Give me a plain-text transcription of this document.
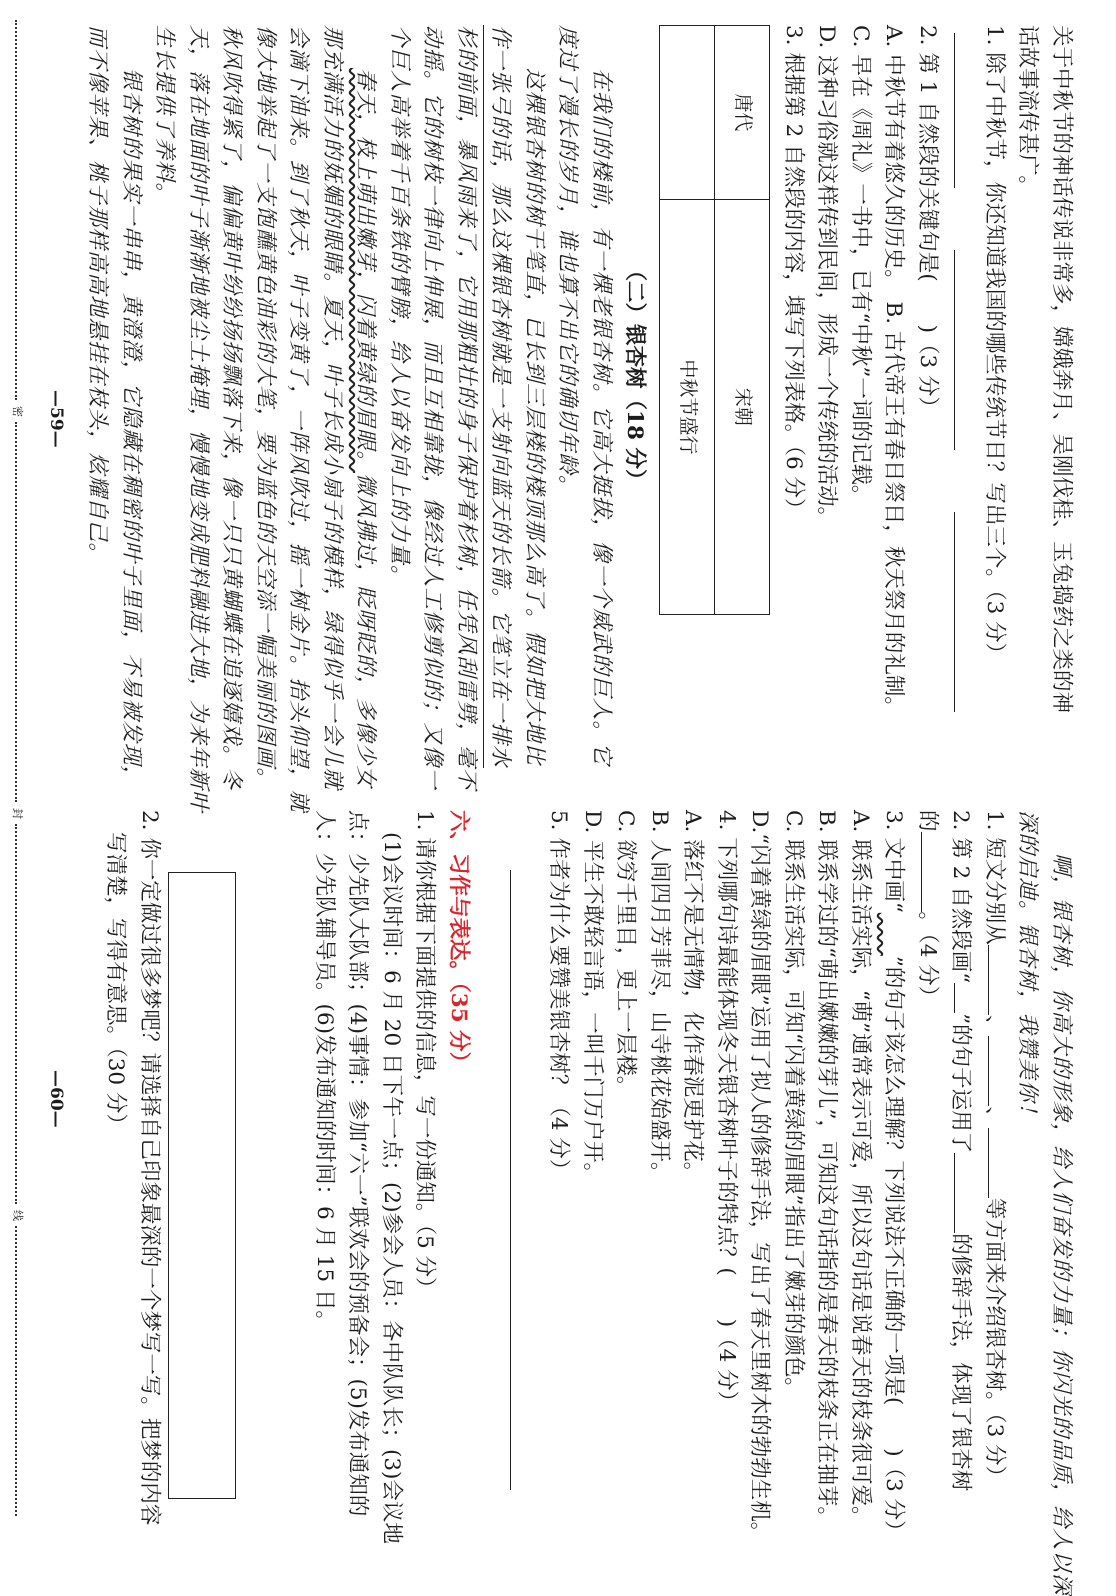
关于中秋节的神话传说非常多，嫦娥奔月、吴刚伐桂、玉兔捣药之类的神

话故事流传甚广。

1. 除了中秋节，你还知道我国的哪些传统节日？写出三个。（3 分）

2. 第 1 自然段的关键句是(　　)（3 分）

A. 中秋节有着悠久的历史。　B. 古代帝王有春日祭日，秋天祭月的礼制。

C. 早在《周礼》一书中，已有“中秋”一词的记载。

D. 这种习俗就这样传到民间，形成一个传统的活动。

3. 根据第 2 自然段的内容，填写下列表格。（6 分）

唐代	宋朝
	中秋节盛行

（二）银杏树（18 分）

在我们的楼前，有一棵老银杏树。它高大挺拔，像一个威武的巨人。它

度过了漫长的岁月，谁也算不出它的确切年龄。

这棵银杏树的树干笔直，已长到三层楼的楼顶那么高了。假如把大地比

作一张弓的话，那么这棵银杏树就是一支射向蓝天的长箭。它笔立在一排水

杉的前面，暴风雨来了，它用那粗壮的身子保护着杉树，任凭风刮雷劈，毫不

动摇。它的树枝一律向上伸展，而且互相靠拢，像经过人工修剪似的；又像一

个巨人高举着千百条铁的臂膀，给人以奋发向上的力量。

春天，枝上萌出嫩芽，闪着黄绿的眉眼。微风拂过，眨呀眨的，多像少女

那充满活力的妩媚的眼睛。夏天，叶子长成小扇子的模样，绿得似乎一会儿就

会滴下油来。到了秋天，叶子变黄了，一阵风吹过，摇一树金片。抬头仰望，就

像大地举起了一支饱蘸黄色油彩的大笔，要为蓝色的天空添一幅美丽的图画。

秋风吹得紧了，偏偏黄叶纷纷扬扬飘落下来，像一只只黄蝴蝶在追逐嬉戏。冬

天，落在地面的叶子渐渐地被尘土掩埋，慢慢地变成肥料融进大地，为来年新叶

生长提供了养料。

银杏树的果实一串串，黄澄澄，它隐藏在稠密的叶子里面，不易被发现，

而不像苹果、桃子那样高高地悬挂在枝头，炫耀自己。

—59—

啊，银杏树，你高大的形象，给人们奋发的力量；你闪光的品质，给人以深

深的启迪。银杏树，我赞美你！

1. 短文分别从、、等方面来介绍银杏树。（3 分）

2. 第 2 自然段画“”的句子运用了的修辞手法，体现了银杏树

的。（4 分）

3. 文中画“  ”的句子该怎么理解？下列说法不正确的一项是(　　)（3 分）

A. 联系生活实际，“萌”通常表示可爱，所以这句话是说春天的枝条很可爱。

B. 联系学过的“萌出嫩嫩的芽儿”，可知这句话指的是春天的枝条正在抽芽。

C. 联系生活实际，可知“闪着黄绿的眉眼”指出了嫩芽的颜色。

D.“闪着黄绿的眉眼”运用了拟人的修辞手法，写出了春天里树木的勃勃生机。

4. 下列哪句诗最能体现冬天银杏树叶子的特点？(　　)（4 分）

A. 落红不是无情物，化作春泥更护花。

B. 人间四月芳菲尽，山寺桃花始盛开。

C. 欲穷千里目，更上一层楼。

D. 平生不敢轻言语，一叫千门万户开。

5. 作者为什么要赞美银杏树？（4 分）

六、习作与表达。（35 分）

1. 请你根据下面提供的信息，写一份通知。（5 分）

(1)会议时间：6 月 20 日下午一点；(2)参会人员：各中队队长；(3)会议地

点：少先队大队部；(4)事情：参加“六一”联欢会的预备会；(5)发布通知的

人：少先队辅导员。(6)发布通知的时间：6 月 15 日。

2. 你一定做过很多梦吧？请选择自己印象最深的一个梦写一写。把梦的内容

写清楚，写得有意思。（30 分）

—60—
密
封
线
